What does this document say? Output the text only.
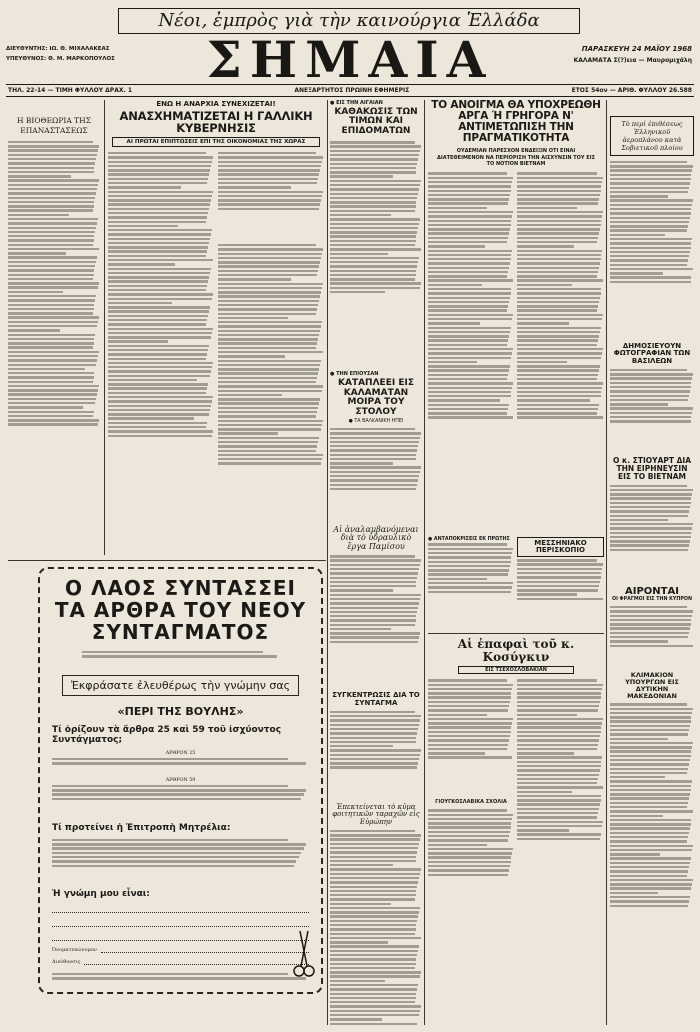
Νέοι, ἐμπρὸς γιὰ τὴν καινούργια Ἑλλάδα
ΔΙΕΥΘΥΝΤΗΣ: ΙΩ. Θ. ΜΙΧΑΛΑΚΕΑΣ
ΥΠΕΥΘΥΝΟΣ: Θ. Μ. ΜΑΡΚΟΠΟΥΛΟΣ	ΣΗΜΑΙΑ	ΠΑΡΑΣΚΕΥΗ 24 ΜΑΪΟΥ 1968
ΚΑΛΑΜΑΤΑ Σ(?)εια — Μαυρομιχάλη
ΤΗΛ. 22-14 — ΤΙΜΗ ΦΥΛΛΟΥ ΔΡΑΧ. 1	ΑΝΕΞΑΡΤΗΤΟΣ ΠΡΩΙΝΗ ΕΦΗΜΕΡΙΣ	ΕΤΟΣ 54ον — ΑΡΙΘ. ΦΥΛΛΟΥ 26.588
Η ΒΙΟΘΕΩΡΙΑ ΤΗΣ ΕΠΑΝΑΣΤΑΣΕΩΣ
ΕΝΩ Η ΑΝΑΡΧΙΑ ΣΥΝΕΧΙΖΕΤΑΙ!
ΑΝΑΣΧΗΜΑΤΙΖΕΤΑΙ Η ΓΑΛΛΙΚΗ ΚΥΒΕΡΝΗΣΙΣ
ΑΙ ΠΡΩΤΑΙ ΕΠΙΠΤΩΣΕΙΣ ΕΠΙ ΤΗΣ ΟΙΚΟΝΟΜΙΑΣ ΤΗΣ ΧΩΡΑΣ
● ΕΙΣ ΤΗΝ ΑΙΓΑΙΑΝ
ΚΑΘΑΚΩΣΙΣ ΤΩΝ ΤΙΜΩΝ ΚΑΙ ΕΠΙΔΟΜΑΤΩΝ
● ΤΗΝ ΕΠΙΟΥΣΑΝ
ΚΑΤΑΠΛΕΕΙ ΕΙΣ ΚΑΛΑΜΑΤΑΝ ΜΟΙΡΑ ΤΟΥ ΣΤΟΛΟΥ
● ΤΑ ΒΑΛΚΑΝΙΚΗ ΗΠΕΙ
Αἱ ἀναλαμβανόμεναι διὰ τὸ ὑδραυλικὸ ἔργα Παμίσου
ΣΥΓΚΕΝΤΡΩΣΙΣ ΔΙΑ ΤΟ ΣΥΝΤΑΓΜΑ
Ἐπεκτείνεται τὸ κῦμα φοιτητικῶν ταραχῶν εἰς Εὐρώπην
ΤΟ ΑΝΟΙΓΜΑ ΘΑ ΥΠΟΧΡΕΩΘΗ ΑΡΓΑ Ή ΓΡΗΓΟΡΑ Ν' ΑΝΤΙΜΕΤΩΠΙΣΗ ΤΗΝ ΠΡΑΓΜΑΤΙΚΟΤΗΤΑ
ΟΥΔΕΜΙΑΝ ΠΑΡΕΣΧΟΝ ΕΝΔΕΙΞΙΝ ΟΤΙ ΕΙΝΑΙ ΔΙΑΤΕΘΕΙΜΕΝΟΝ ΝΑ ΠΕΡΙΟΡΙΣΗ ΤΗΝ ΑΙΣΧΥΝΣΙΝ ΤΟΥ ΕΙΣ ΤΟ ΝΟΤΙΟΝ ΒΙΕΤΝΑΜ
● ΑΝΤΑΠΟΚΡΙΣΕΙΣ ΕΚ ΠΡΩΤΗΣ	ΜΕΣΣΗΝΙΑΚΟ ΠΕΡΙΣΚΟΠΙΟ
Αἱ ἐπαφαὶ τοῦ κ. Κοσύγκιν
ΕΙΣ ΤΣΕΧΟΣΛΟΒΑΚΙΑΝ
ΓΙΟΥΓΚΟΣΛΑΒΙΚΑ ΣΧΟΛΙΑ
Τὸ περὶ ἐπιθέσεως Ἑλληνικοῦ ἀεροπλάνου κατὰ Σοβιετικοῦ πλοίου
ΔΗΜΟΣΙΕΥΟΥΝ ΦΩΤΟΓΡΑΦΙΑΝ ΤΩΝ ΒΑΣΙΛΕΩΝ
Ο κ. ΣΤΙΟΥΑΡΤ ΔΙΑ ΤΗΝ ΕΙΡΗΝΕΥΣΙΝ ΕΙΣ ΤΟ ΒΙΕΤΝΑΜ
ΑΙΡΟΝΤΑΙ
ΟΙ ΦΡΑΓΜΟΙ ΕΙΣ ΤΗΝ ΚΥΠΡΟΝ
ΚΛΙΜΑΚΙΟΝ ΥΠΟΥΡΓΩΝ ΕΙΣ ΔΥΤΙΚΗΝ ΜΑΚΕΔΟΝΙΑΝ
Ο ΛΑΟΣ ΣΥΝΤΑΣΣΕΙ ΤΑ ΑΡΘΡΑ ΤΟΥ ΝΕΟΥ ΣΥΝΤΑΓΜΑΤΟΣ
Ἐκφράσατε ἐλευθέρως τὴν γνώμην σας
«ΠΕΡΙ ΤΗΣ ΒΟΥΛΗΣ»
Τί ὁρίζουν τὰ ἄρθρα 25 καὶ 59 τοῦ ἰσχύοντος Συντάγματος;
ΑΡΘΡΟΝ 25
ΑΡΘΡΟΝ 59
Τί προτείνει ἡ Ἐπιτροπὴ Μητρέλια:
Ἡ γνώμη μου εἶναι:
Ὀνοματεπώνυμον
Διεύθυνσις
